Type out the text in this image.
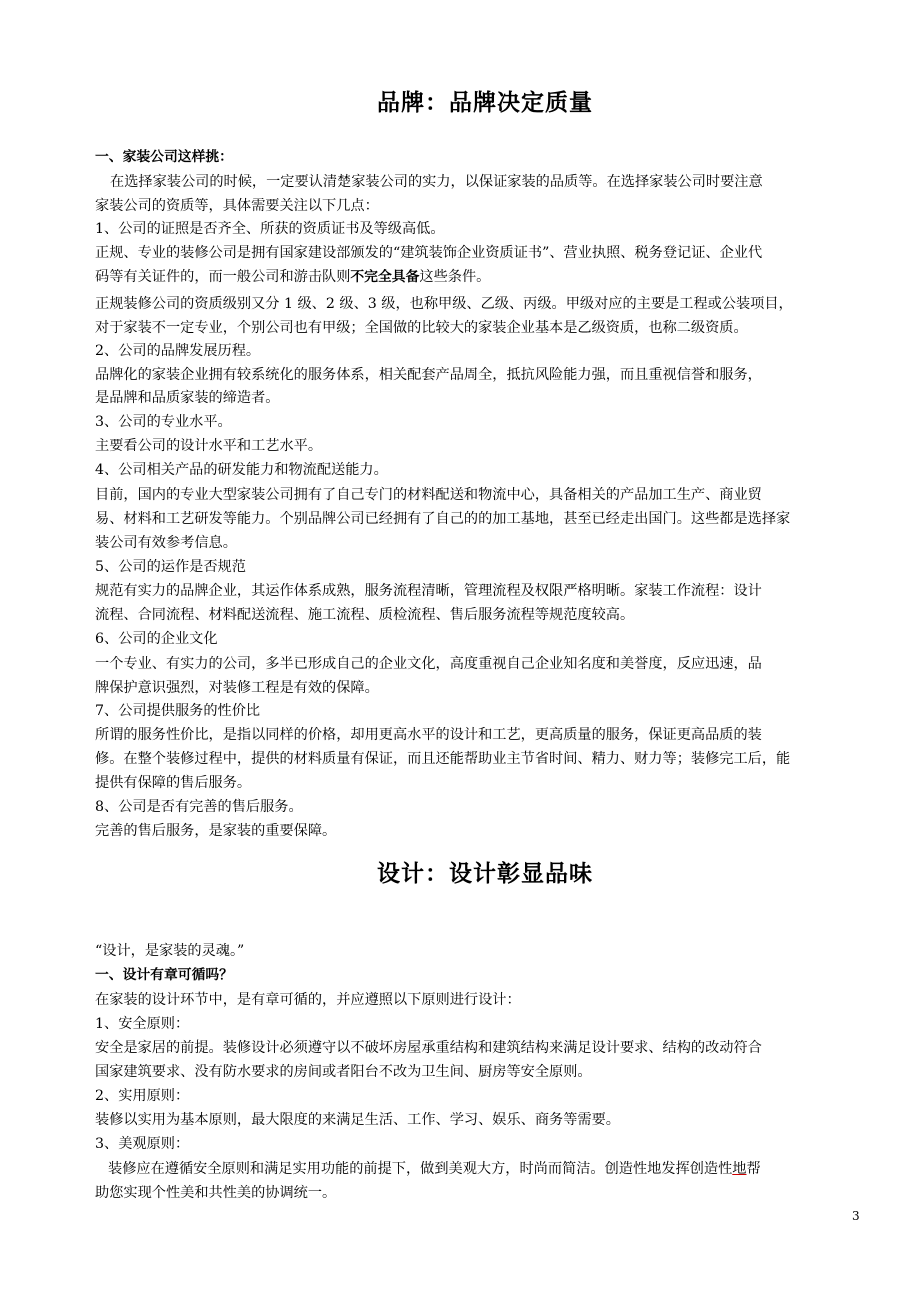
品牌：品牌决定质量
一、家装公司这样挑：
在选择家装公司的时候，一定要认清楚家装公司的实力，以保证家装的品质等。在选择家装公司时要注意
家装公司的资质等，具体需要关注以下几点：
1、公司的证照是否齐全、所获的资质证书及等级高低。
正规、专业的装修公司是拥有国家建设部颁发的“建筑装饰企业资质证书”、营业执照、税务登记证、企业代
码等有关证件的，而一般公司和游击队则不完全具备这些条件。
正规装修公司的资质级别又分 1 级、2 级、3 级，也称甲级、乙级、丙级。甲级对应的主要是工程或公装项目，
对于家装不一定专业，个别公司也有甲级；全国做的比较大的家装企业基本是乙级资质，也称二级资质。
2、公司的品牌发展历程。
品牌化的家装企业拥有较系统化的服务体系，相关配套产品周全，抵抗风险能力强，而且重视信誉和服务，
是品牌和品质家装的缔造者。
3、公司的专业水平。
主要看公司的设计水平和工艺水平。
4、公司相关产品的研发能力和物流配送能力。
目前，国内的专业大型家装公司拥有了自己专门的材料配送和物流中心，具备相关的产品加工生产、商业贸
易、材料和工艺研发等能力。个别品牌公司已经拥有了自己的的加工基地，甚至已经走出国门。这些都是选择家
装公司有效参考信息。
5、公司的运作是否规范
规范有实力的品牌企业，其运作体系成熟，服务流程清晰，管理流程及权限严格明晰。家装工作流程：设计
流程、合同流程、材料配送流程、施工流程、质检流程、售后服务流程等规范度较高。
6、公司的企业文化
一个专业、有实力的公司，多半已形成自己的企业文化，高度重视自己企业知名度和美誉度，反应迅速，品
牌保护意识强烈，对装修工程是有效的保障。
7、公司提供服务的性价比
所谓的服务性价比，是指以同样的价格，却用更高水平的设计和工艺，更高质量的服务，保证更高品质的装
修。在整个装修过程中，提供的材料质量有保证，而且还能帮助业主节省时间、精力、财力等；装修完工后，能
提供有保障的售后服务。
8、公司是否有完善的售后服务。
完善的售后服务，是家装的重要保障。
设计：设计彰显品味
“设计，是家装的灵魂。”
一、设计有章可循吗？
在家装的设计环节中，是有章可循的，并应遵照以下原则进行设计：
1、安全原则：
安全是家居的前提。装修设计必须遵守以不破坏房屋承重结构和建筑结构来满足设计要求、结构的改动符合
国家建筑要求、没有防水要求的房间或者阳台不改为卫生间、厨房等安全原则。
2、实用原则：
装修以实用为基本原则，最大限度的来满足生活、工作、学习、娱乐、商务等需要。
3、美观原则：
装修应在遵循安全原则和满足实用功能的前提下，做到美观大方，时尚而简洁。创造性地发挥创造性地帮
助您实现个性美和共性美的协调统一。
3
